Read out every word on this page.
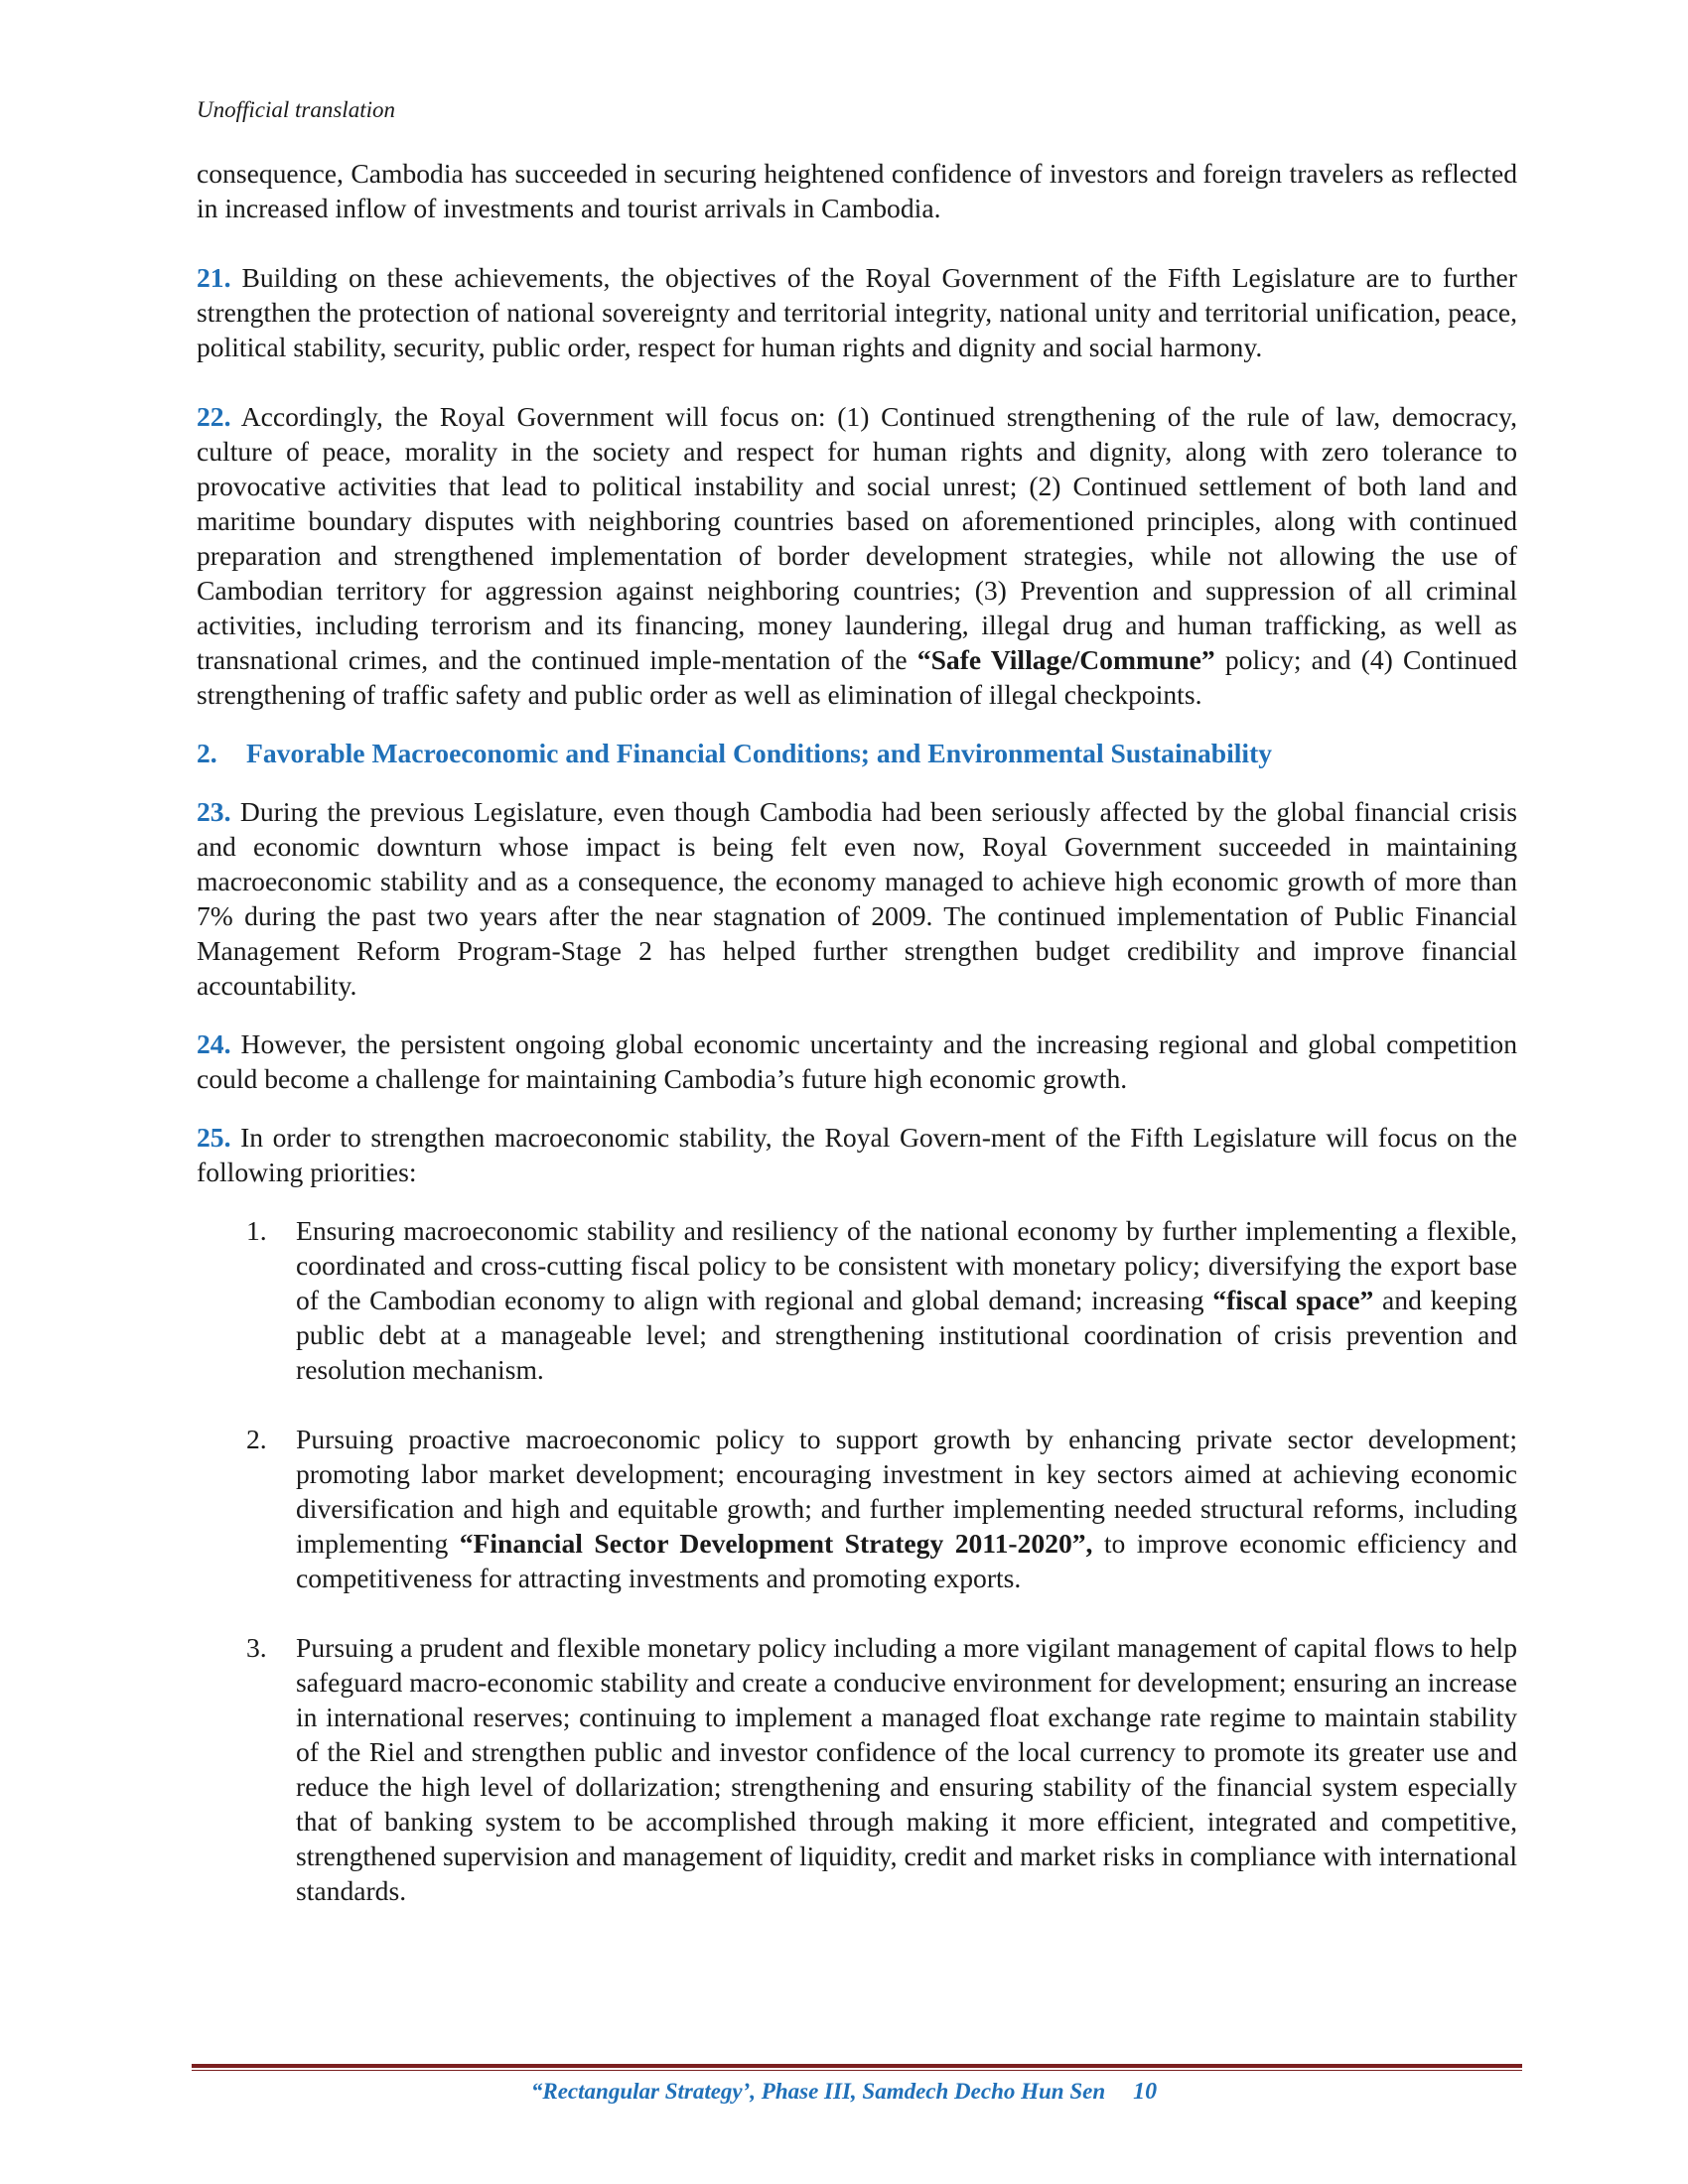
Unofficial translation

consequence, Cambodia has succeeded in securing heightened confidence of investors and foreign travelers as reflected in increased inflow of investments and tourist arrivals in Cambodia.

21. Building on these achievements, the objectives of the Royal Government of the Fifth Legislature are to further strengthen the protection of national sovereignty and territorial integrity, national unity and territorial unification, peace, political stability, security, public order, respect for human rights and dignity and social harmony.

22. Accordingly, the Royal Government will focus on: (1) Continued strengthening of the rule of law, democracy, culture of peace, morality in the society and respect for human rights and dignity, along with zero tolerance to provocative activities that lead to political instability and social unrest; (2) Continued settlement of both land and maritime boundary disputes with neighboring countries based on aforementioned principles, along with continued preparation and strengthened implementation of border development strategies, while not allowing the use of Cambodian territory for aggression against neighboring countries; (3) Prevention and suppression of all criminal activities, including terrorism and its financing, money laundering, illegal drug and human trafficking, as well as transnational crimes, and the continued imple-mentation of the “Safe Village/Commune” policy; and (4) Continued strengthening of traffic safety and public order as well as elimination of illegal checkpoints.

2. Favorable Macroeconomic and Financial Conditions; and Environmental Sustainability

23. During the previous Legislature, even though Cambodia had been seriously affected by the global financial crisis and economic downturn whose impact is being felt even now, Royal Government succeeded in maintaining macroeconomic stability and as a consequence, the economy managed to achieve high economic growth of more than 7% during the past two years after the near stagnation of 2009. The continued implementation of Public Financial Management Reform Program-Stage 2 has helped further strengthen budget credibility and improve financial accountability.

24. However, the persistent ongoing global economic uncertainty and the increasing regional and global competition could become a challenge for maintaining Cambodia’s future high economic growth.

25. In order to strengthen macroeconomic stability, the Royal Govern-ment of the Fifth Legislature will focus on the following priorities:

1. Ensuring macroeconomic stability and resiliency of the national economy by further implementing a flexible, coordinated and cross-cutting fiscal policy to be consistent with monetary policy; diversifying the export base of the Cambodian economy to align with regional and global demand; increasing “fiscal space” and keeping public debt at a manageable level; and strengthening institutional coordination of crisis prevention and resolution mechanism.
2. Pursuing proactive macroeconomic policy to support growth by enhancing private sector development; promoting labor market development; encouraging investment in key sectors aimed at achieving economic diversification and high and equitable growth; and further implementing needed structural reforms, including implementing “Financial Sector Development Strategy 2011-2020”, to improve economic efficiency and competitiveness for attracting investments and promoting exports.
3. Pursuing a prudent and flexible monetary policy including a more vigilant management of capital flows to help safeguard macro-economic stability and create a conducive environment for development; ensuring an increase in international reserves; continuing to implement a managed float exchange rate regime to maintain stability of the Riel and strengthen public and investor confidence of the local currency to promote its greater use and reduce the high level of dollarization; strengthening and ensuring stability of the financial system especially that of banking system to be accomplished through making it more efficient, integrated and competitive, strengthened supervision and management of liquidity, credit and market risks in compliance with international standards.
“Rectangular Strategy’, Phase III, Samdech Decho Hun Sen 10
